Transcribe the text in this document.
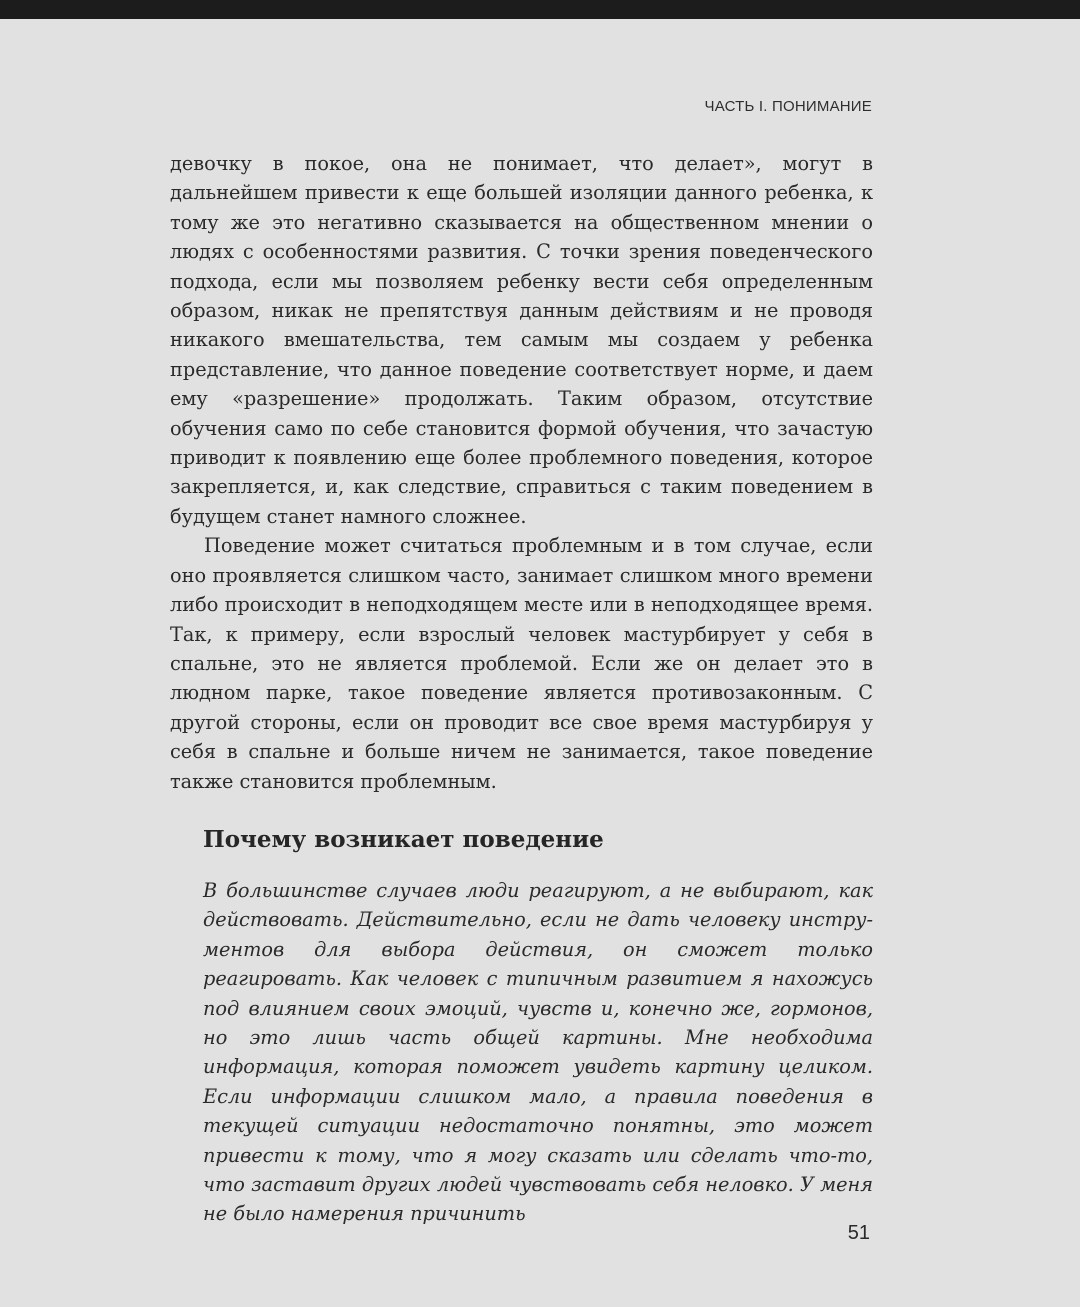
ЧАСТЬ I. ПОНИМАНИЕ

девочку в покое, она не понимает, что делает», могут в дальнейшем привести к еще большей изоляции данного ребенка, к тому же это негативно сказывается на общественном мнении о людях с особенностями развития. С точки зрения поведенческого подхода, если мы позволяем ребенку вести себя определенным образом, никак не препятствуя данным действиям и не проводя никакого вмешательства, тем самым мы создаем у ребенка представление, что данное поведение соответствует норме, и даем ему «разрешение» продолжать. Таким образом, отсутствие обучения само по себе становится формой обучения, что зачастую приводит к появлению еще более проблемного поведения, которое закрепляется, и, как следствие, справиться с таким поведением в будущем станет намного сложнее.

Поведение может считаться проблемным и в том случае, если оно проявляется слишком часто, занимает слишком много времени либо происходит в неподходящем месте или в неподходящее время. Так, к примеру, если взрослый человек мастурбирует у себя в спальне, это не является проблемой. Если же он делает это в людном парке, такое поведение является противозаконным. С другой стороны, если он проводит все свое время мастурбируя у себя в спальне и больше ничем не занимается, такое поведение также становится проблемным.

Почему возникает поведение

В большинстве случаев люди реагируют, а не выбирают, как действовать. Действительно, если не дать человеку инструментов для выбора действия, он сможет только реагировать. Как человек с типичным развитием я нахожусь под влиянием своих эмоций, чувств и, конечно же, гормонов, но это лишь часть общей картины. Мне необходима информация, которая поможет увидеть картину целиком. Если информации слишком мало, а правила поведения в текущей ситуации недостаточно понятны, это может привести к тому, что я могу сказать или сделать что-то, что заставит других людей чувствовать себя неловко. У меня не было намерения причинить

51
